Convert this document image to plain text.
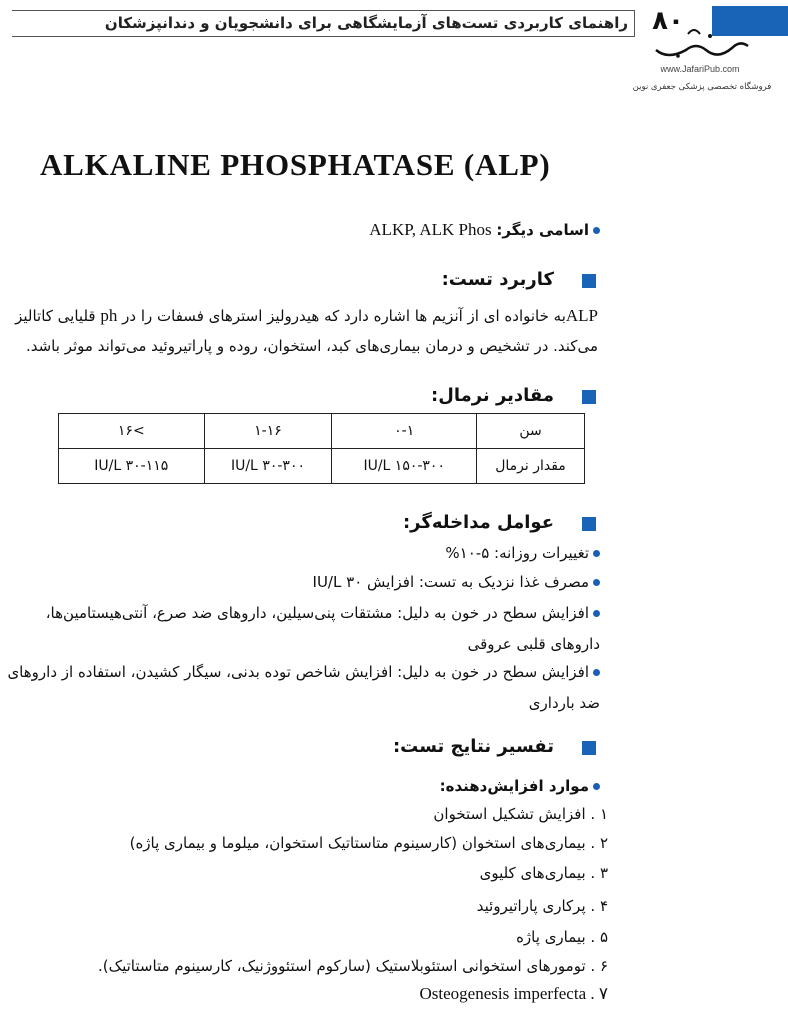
راهنمای کاربردی تست‌های آزمایشگاهی برای دانشجویان و دندانپزشکان ۸۰
www.JafariPub.com
فروشگاه تخصصی پزشکی جعفری نوین
ALKALINE PHOSPHATASE (ALP)
اسامی دیگر: ALKP, ALK Phos
کاربرد تست:
ALPبه خانواده ای از آنزیم ها اشاره دارد که هیدرولیز استرهای فسفات را در ph قلیایی کاتالیز
می‌کند. در تشخیص و درمان بیماری‌های کبد، استخوان، روده و پاراتیروئید می‌تواند موثر باشد.
مقادیر نرمال:
سن	۰-۱	۱-۱۶	>۱۶
مقدار نرمال	۱۵۰-۳۰۰ IU/L	۳۰-۳۰۰ IU/L	۳۰-۱۱۵ IU/L
عوامل مداخله‌گر:
تغییرات روزانه: ۵-۱۰%
مصرف غذا نزدیک به تست: افزایش ۳۰ IU/L
افزایش سطح در خون به دلیل: مشتقات پنی‌سیلین، داروهای ضد صرع، آنتی‌هیستامین‌ها،
داروهای قلبی عروقی
افزایش سطح در خون به دلیل: افزایش شاخص توده بدنی، سیگار کشیدن، استفاده از داروهای
ضد بارداری
تفسیر نتایج تست:
موارد افزایش‌دهنده:
۱ . افزایش تشکیل استخوان
۲ . بیماری‌های استخوان (کارسینوم متاستاتیک استخوان، میلوما و بیماری پاژه)
۳ . بیماری‌های کلیوی
۴ . پرکاری پاراتیروئید
۵ . بیماری پاژه
۶ . تومورهای استخوانی استئوبلاستیک (سارکوم استئووژنیک، کارسینوم متاستاتیک).
Osteogenesis imperfecta . ۷
